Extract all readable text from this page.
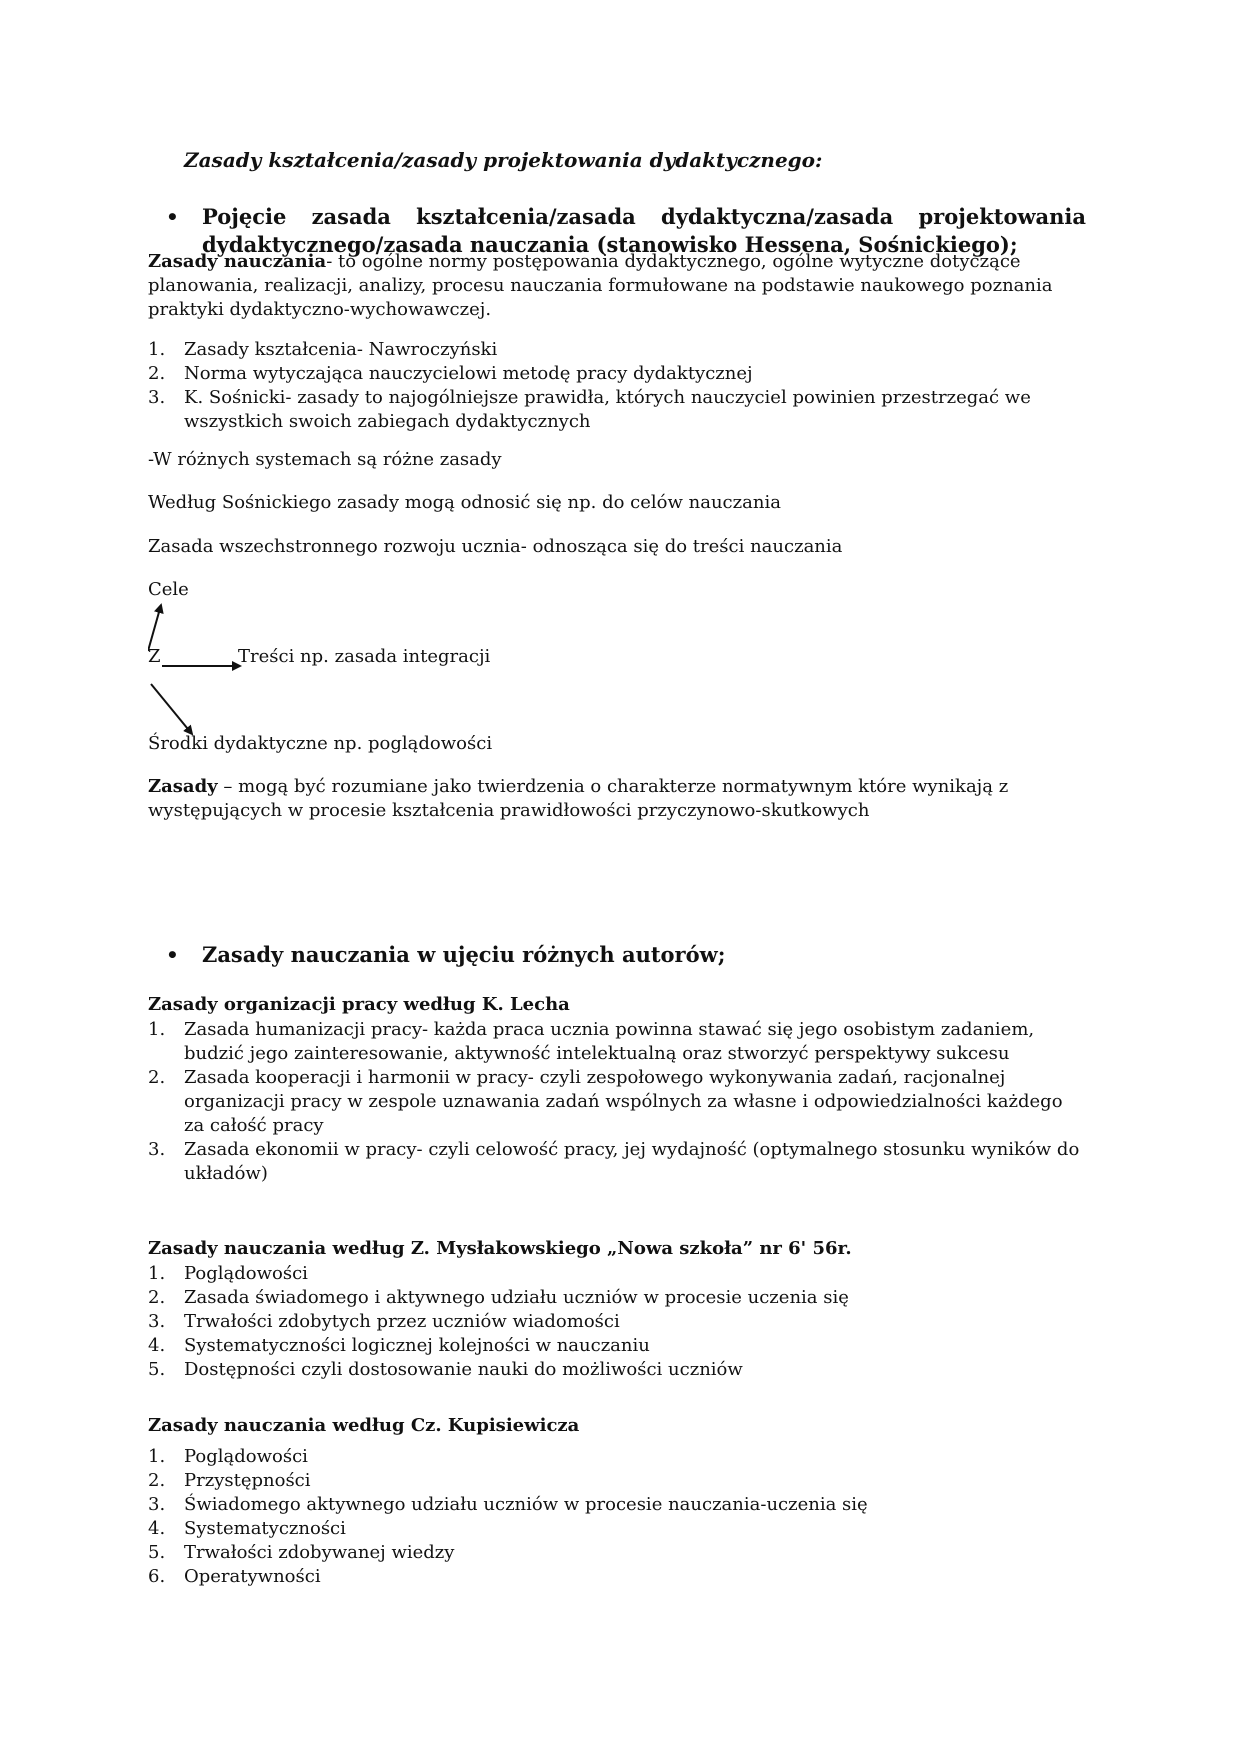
Zasady kształcenia/zasady projektowania dydaktycznego:
•	Pojęcie zasada kształcenia/zasada dydaktyczna/zasada projektowania dydaktycznego/zasada nauczania (stanowisko Hessena, Sośnickiego);

Zasady nauczania- to ogólne normy postępowania dydaktycznego, ogólne wytyczne dotyczące planowania, realizacji, analizy, procesu nauczania formułowane na podstawie naukowego poznania praktyki dydaktyczno-wychowawczej.

1.	Zasady kształcenia- Nawroczyński
2.	Norma wytyczająca nauczycielowi metodę pracy dydaktycznej
3.	K. Sośnicki- zasady to najogólniejsze prawidła, których nauczyciel powinien przestrzegać we wszystkich swoich zabiegach dydaktycznych

-W różnych systemach są różne zasady

Według Sośnickiego zasady mogą odnosić się np. do celów nauczania

Zasada wszechstronnego rozwoju ucznia- odnosząca się do treści nauczania

Cele
Z	Treści np. zasada integracji
Środki dydaktyczne np. poglądowości

Zasady – mogą być rozumiane jako twierdzenia o charakterze normatywnym które wynikają z występujących w procesie kształcenia prawidłowości przyczynowo-skutkowych

•	Zasady nauczania w ujęciu różnych autorów;

Zasady organizacji pracy według K. Lecha

1.	Zasada humanizacji pracy- każda praca ucznia powinna stawać się jego osobistym zadaniem, budzić jego zainteresowanie, aktywność intelektualną oraz stworzyć perspektywy sukcesu
2.	Zasada kooperacji i harmonii w pracy- czyli zespołowego wykonywania zadań, racjonalnej organizacji pracy w zespole uznawania zadań wspólnych za własne i odpowiedzialności każdego za całość pracy
3.	Zasada ekonomii w pracy- czyli celowość pracy, jej wydajność (optymalnego stosunku wyników do układów)

Zasady nauczania według Z. Mysłakowskiego „Nowa szkoła” nr 6' 56r.

1.	Poglądowości
2.	Zasada świadomego i aktywnego udziału uczniów w procesie uczenia się
3.	Trwałości zdobytych przez uczniów wiadomości
4.	Systematyczności logicznej kolejności w nauczaniu
5.	Dostępności czyli dostosowanie nauki do możliwości uczniów

Zasady nauczania według Cz. Kupisiewicza

1.	Poglądowości
2.	Przystępności
3.	Świadomego aktywnego udziału uczniów w procesie nauczania-uczenia się
4.	Systematyczności
5.	Trwałości zdobywanej wiedzy
6.	Operatywności
